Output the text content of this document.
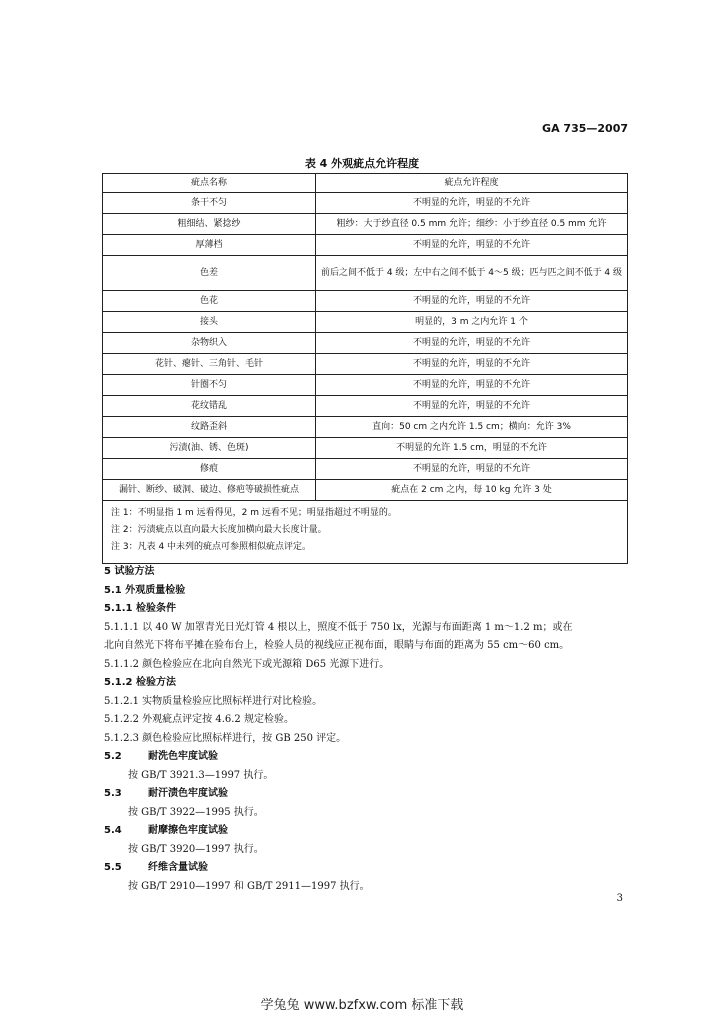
GA 735—2007
表 4 外观疵点允许程度
疵点名称	疵点允许程度
条干不匀	不明显的允许，明显的不允许
粗细结、紧捻纱	粗纱：大于纱直径 0.5 mm 允许；细纱：小于纱直径 0.5 mm 允许
厚薄档	不明显的允许，明显的不允许
色差	前后之间不低于 4 级；左中右之间不低于 4～5 级；匹与匹之间不低于 4 级
色花	不明显的允许，明显的不允许
接头	明显的，3 m 之内允许 1 个
杂物织入	不明显的允许，明显的不允许
花针、瘪针、三角针、毛针	不明显的允许，明显的不允许
针圈不匀	不明显的允许，明显的不允许
花纹错乱	不明显的允许，明显的不允许
纹路歪斜	直向：50 cm 之内允许 1.5 cm；横向：允许 3%
污渍(油、锈、色斑)	不明显的允许 1.5 cm，明显的不允许
修痕	不明显的允许，明显的不允许
漏针、断纱、破洞、破边、修疤等破损性疵点	疵点在 2 cm 之内，每 10 kg 允许 3 处

注 1：不明显指 1 m 远看得见，2 m 远看不见；明显指超过不明显的。
注 2：污渍疵点以直向最大长度加横向最大长度计量。
注 3：凡表 4 中未列的疵点可参照相似疵点评定。	
5 试验方法
5.1 外观质量检验
5.1.1 检验条件
5.1.1.1 以 40 W 加罩青光日光灯管 4 根以上，照度不低于 750 lx，光源与布面距离 1 m～1.2 m；或在
北向自然光下将布平摊在验布台上，检验人员的视线应正视布面，眼睛与布面的距离为 55 cm～60 cm。
5.1.1.2 颜色检验应在北向自然光下或光源箱 D65 光源下进行。
5.1.2 检验方法
5.1.2.1 实物质量检验应比照标样进行对比检验。
5.1.2.2 外观疵点评定按 4.6.2 规定检验。
5.1.2.3 颜色检验应比照标样进行，按 GB 250 评定。
5.2	耐洗色牢度试验
按 GB/T 3921.3—1997 执行。
5.3	耐汗渍色牢度试验
按 GB/T 3922—1995 执行。
5.4	耐摩擦色牢度试验
按 GB/T 3920—1997 执行。
5.5	纤维含量试验
按 GB/T 2910—1997 和 GB/T 2911—1997 执行。
3
学兔兔 www.bzfxw.com 标准下载
